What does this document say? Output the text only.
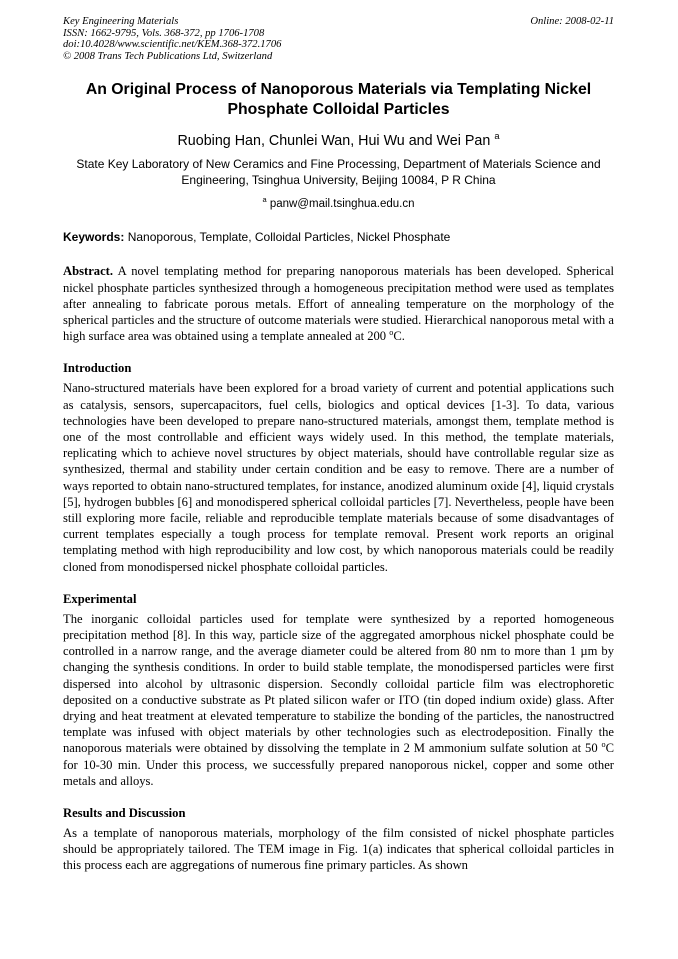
Key Engineering Materials
ISSN: 1662-9795, Vols. 368-372, pp 1706-1708
doi:10.4028/www.scientific.net/KEM.368-372.1706
© 2008 Trans Tech Publications Ltd, Switzerland
Online: 2008-02-11
An Original Process of Nanoporous Materials via Templating Nickel Phosphate Colloidal Particles
Ruobing Han, Chunlei Wan, Hui Wu and Wei Pan $^a$
State Key Laboratory of New Ceramics and Fine Processing, Department of Materials Science and Engineering, Tsinghua University, Beijing 10084, P R China
$^a$ panw@mail.tsinghua.edu.cn
Keywords: Nanoporous, Template, Colloidal Particles, Nickel Phosphate

Abstract. A novel templating method for preparing nanoporous materials has been developed. Spherical nickel phosphate particles synthesized through a homogeneous precipitation method were used as templates after annealing to fabricate porous metals. Effort of annealing temperature on the morphology of the spherical particles and the structure of outcome materials were studied. Hierarchical nanoporous metal with a high surface area was obtained using a template annealed at 200 $^o$C.

Introduction

Nano-structured materials have been explored for a broad variety of current and potential applications such as catalysis, sensors, supercapacitors, fuel cells, biologics and optical devices [1-3]. To data, various technologies have been developed to prepare nano-structured materials, amongst them, template method is one of the most controllable and efficient ways widely used. In this method, the template materials, replicating which to achieve novel structures by object materials, should have controllable regular size as synthesized, thermal and stability under certain condition and be easy to remove. There are a number of ways reported to obtain nano-structured templates, for instance, anodized aluminum oxide [4], liquid crystals [5], hydrogen bubbles [6] and monodispered spherical colloidal particles [7]. Nevertheless, people have been still exploring more facile, reliable and reproducible template materials because of some disadvantages of current templates especially a tough process for template removal. Present work reports an original templating method with high reproducibility and low cost, by which nanoporous materials could be readily cloned from monodispersed nickel phosphate colloidal particles.

Experimental

The inorganic colloidal particles used for template were synthesized by a reported homogeneous precipitation method [8]. In this way, particle size of the aggregated amorphous nickel phosphate could be controlled in a narrow range, and the average diameter could be altered from 80 nm to more than 1 µm by changing the synthesis conditions. In order to build stable template, the monodispersed particles were first dispersed into alcohol by ultrasonic dispersion. Secondly colloidal particle film was electrophoretic deposited on a conductive substrate as Pt plated silicon wafer or ITO (tin doped indium oxide) glass. After drying and heat treatment at elevated temperature to stabilize the bonding of the particles, the nanostructred template was infused with object materials by other technologies such as electrodeposition. Finally the nanoporous materials were obtained by dissolving the template in 2 M ammonium sulfate solution at 50 $^o$C for 10-30 min. Under this process, we successfully prepared nanoporous nickel, copper and some other metals and alloys.

Results and Discussion

As a template of nanoporous materials, morphology of the film consisted of nickel phosphate particles should be appropriately tailored. The TEM image in Fig. 1(a) indicates that spherical colloidal particles in this process each are aggregations of numerous fine primary particles. As shown
